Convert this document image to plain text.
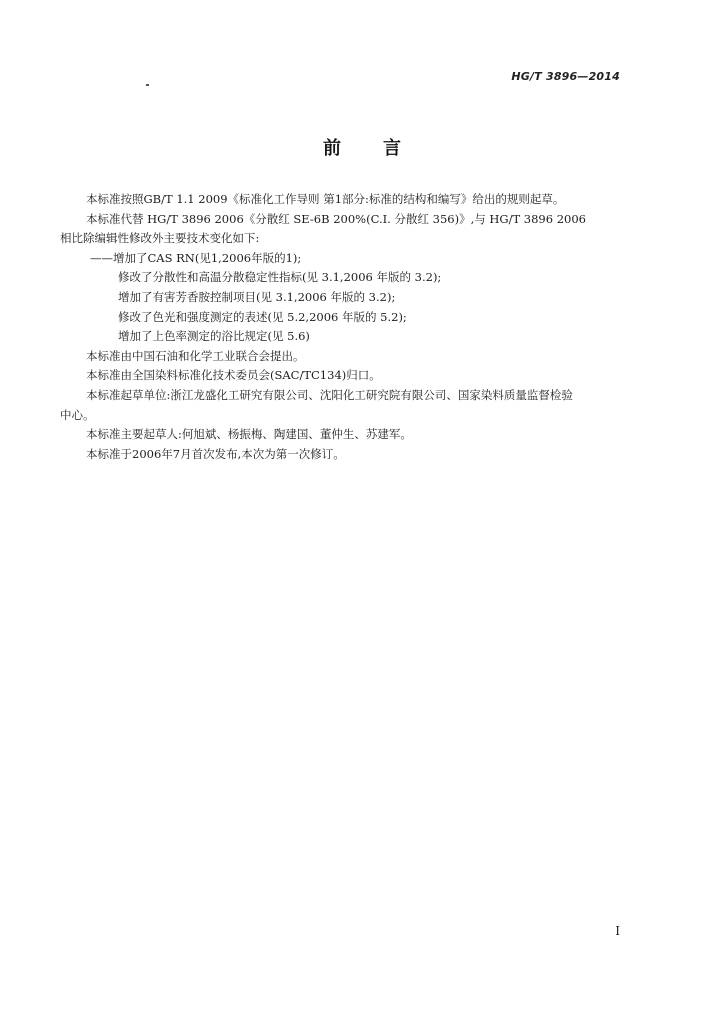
HG/T 3896—2014
前言

本标准按照GB/T 1.1 2009《标准化工作导则 第1部分:标准的结构和编写》给出的规则起草。

本标准代替 HG/T 3896 2006《分散红 SE-6B 200%(C.I. 分散红 356)》,与 HG/T 3896 2006

相比除编辑性修改外主要技术变化如下:

——增加了CAS RN(见1,2006年版的1);

修改了分散性和高温分散稳定性指标(见 3.1,2006 年版的 3.2);

增加了有害芳香胺控制项目(见 3.1,2006 年版的 3.2);

修改了色光和强度测定的表述(见 5.2,2006 年版的 5.2);

增加了上色率测定的浴比规定(见 5.6)

本标准由中国石油和化学工业联合会提出。

本标准由全国染料标准化技术委员会(SAC/TC134)归口。

本标准起草单位:浙江龙盛化工研究有限公司、沈阳化工研究院有限公司、国家染料质量监督检验

中心。

本标准主要起草人:何旭斌、杨振梅、陶建国、董仲生、苏建军。

本标准于2006年7月首次发布,本次为第一次修订。

I
